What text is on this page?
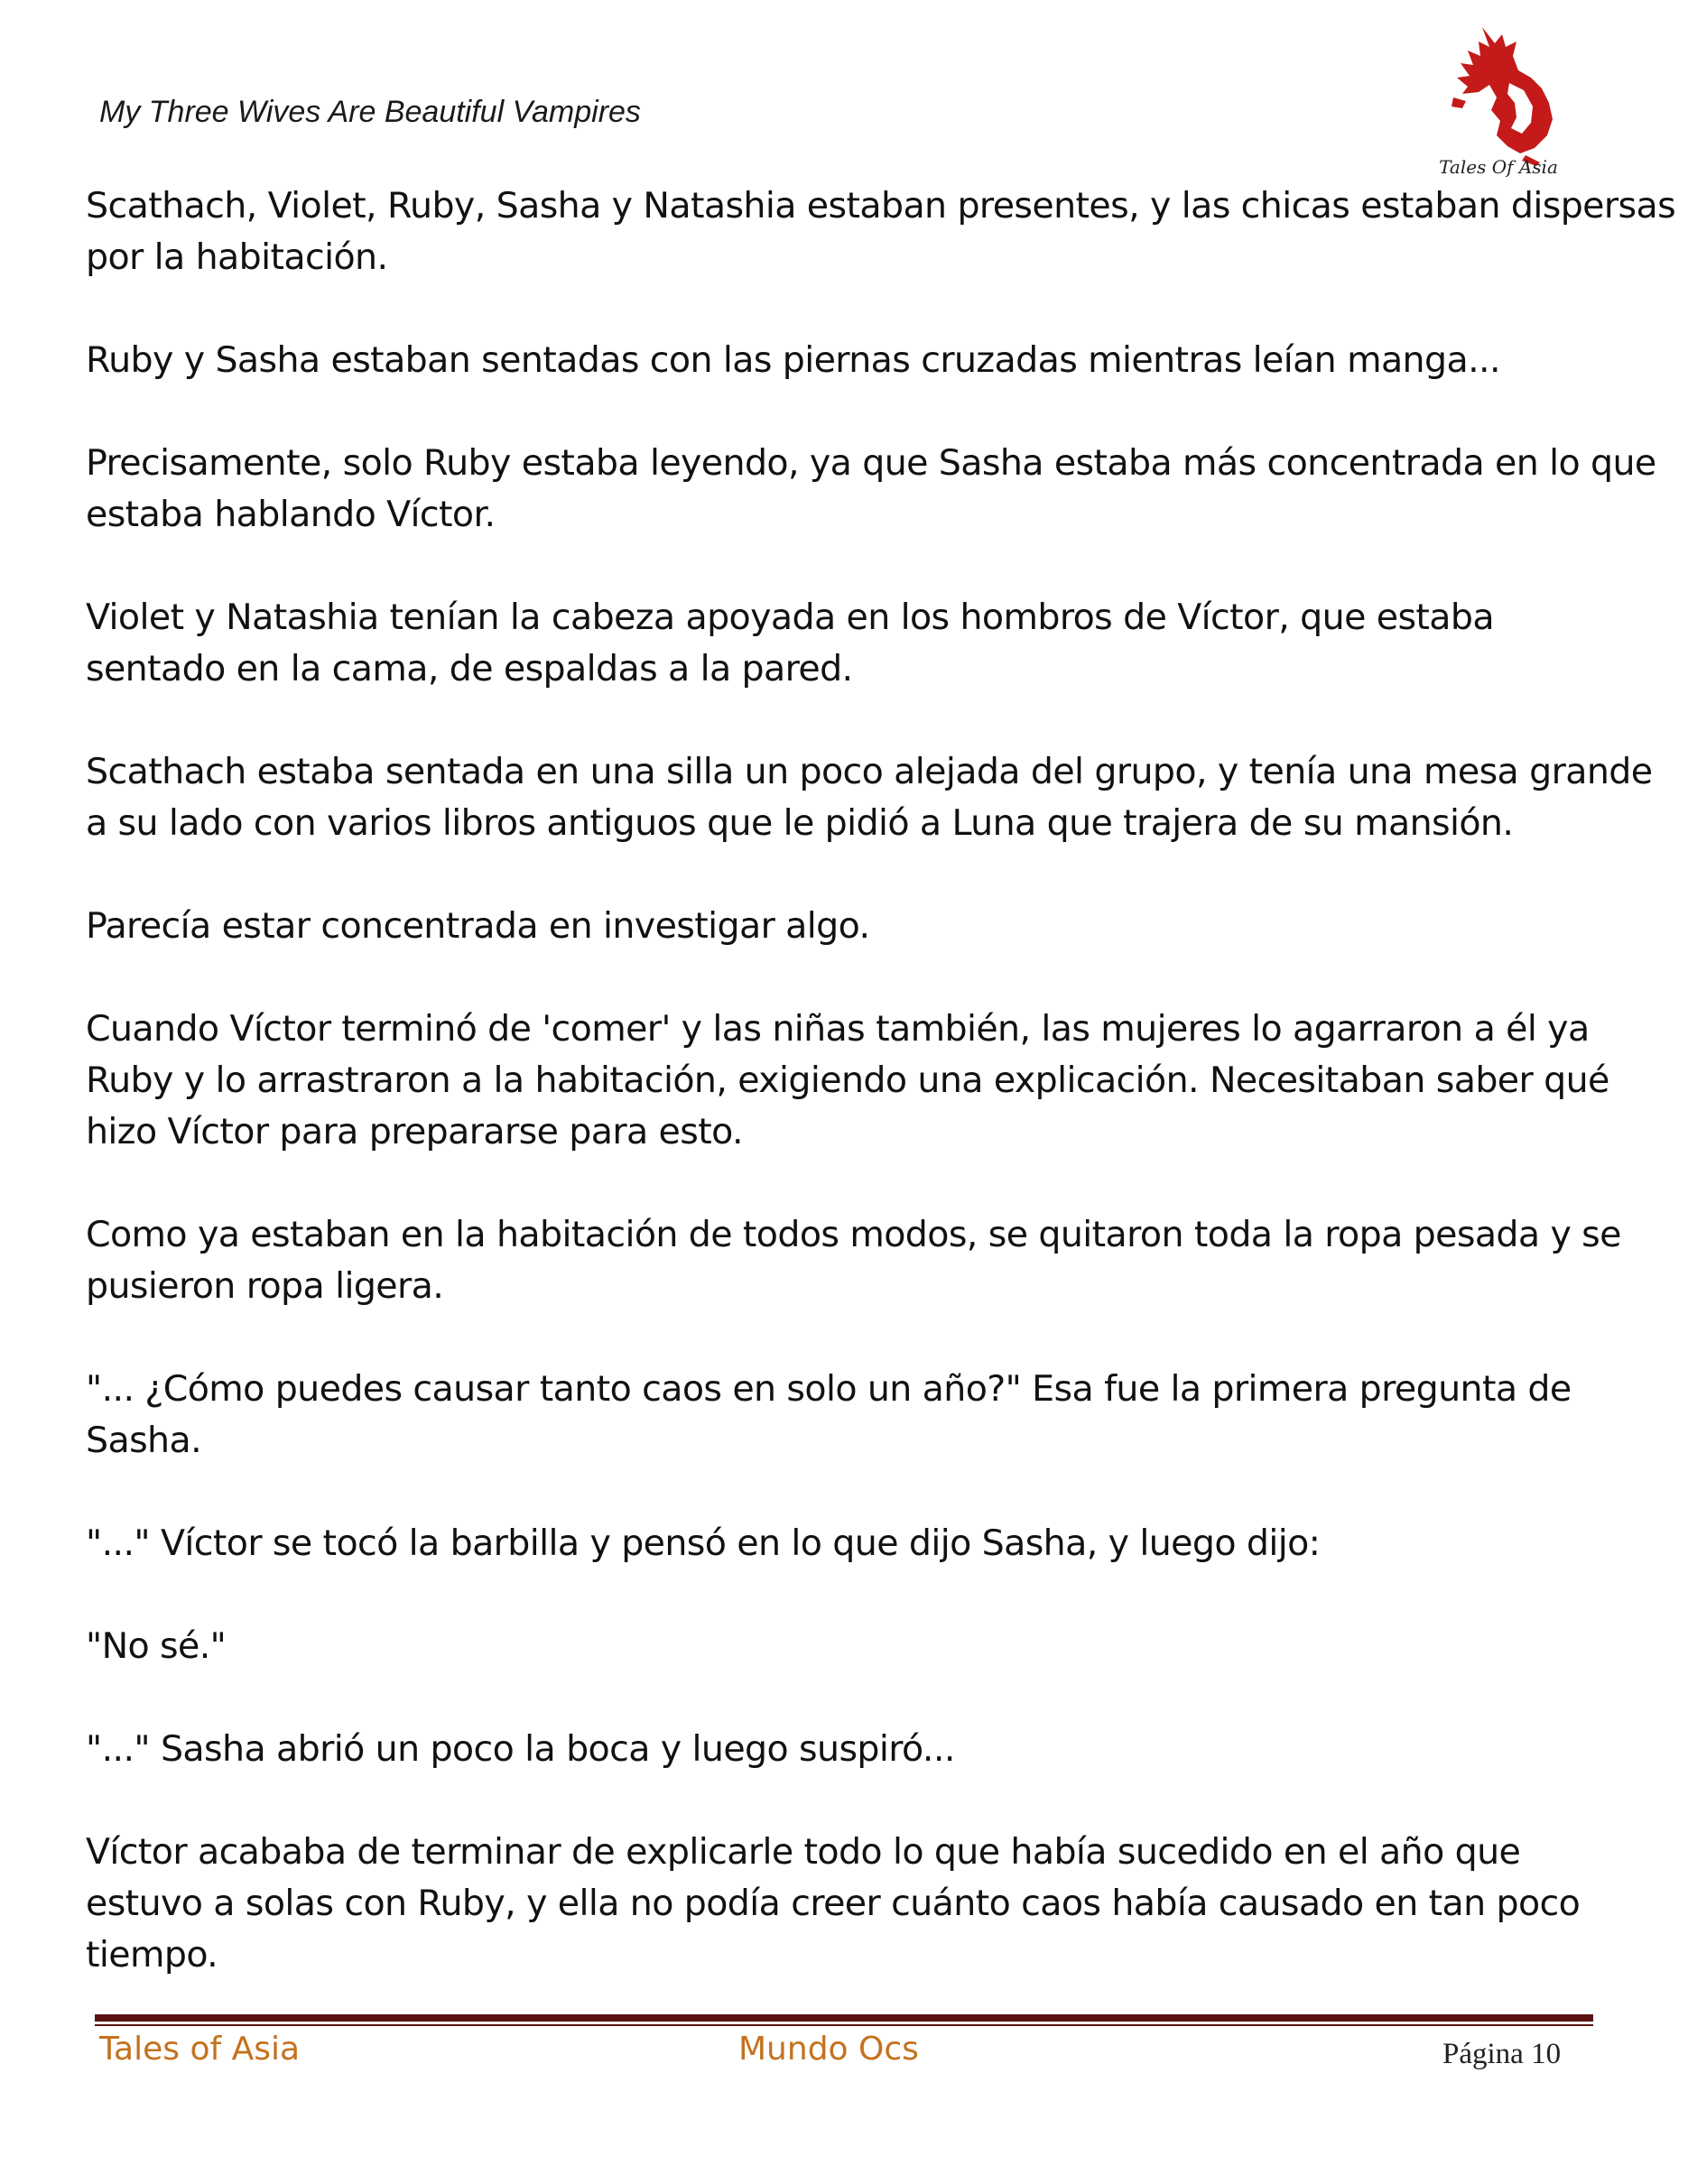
My Three Wives Are Beautiful Vampires
Tales Of Asia
Scathach, Violet, Ruby, Sasha y Natashia estaban presentes, y las chicas estaban dispersas
por la habitación.
Ruby y Sasha estaban sentadas con las piernas cruzadas mientras leían manga...
Precisamente, solo Ruby estaba leyendo, ya que Sasha estaba más concentrada en lo que
estaba hablando Víctor.
Violet y Natashia tenían la cabeza apoyada en los hombros de Víctor, que estaba
sentado en la cama, de espaldas a la pared.
Scathach estaba sentada en una silla un poco alejada del grupo, y tenía una mesa grande
a su lado con varios libros antiguos que le pidió a Luna que trajera de su mansión.
Parecía estar concentrada en investigar algo.
Cuando Víctor terminó de 'comer' y las niñas también, las mujeres lo agarraron a él ya
Ruby y lo arrastraron a la habitación, exigiendo una explicación. Necesitaban saber qué
hizo Víctor para prepararse para esto.
Como ya estaban en la habitación de todos modos, se quitaron toda la ropa pesada y se
pusieron ropa ligera.
"... ¿Cómo puedes causar tanto caos en solo un año?" Esa fue la primera pregunta de
Sasha.
"..." Víctor se tocó la barbilla y pensó en lo que dijo Sasha, y luego dijo:
"No sé."
"..." Sasha abrió un poco la boca y luego suspiró...
Víctor acababa de terminar de explicarle todo lo que había sucedido en el año que
estuvo a solas con Ruby, y ella no podía creer cuánto caos había causado en tan poco
tiempo.
Tales of Asia	Mundo Ocs	Página 10
